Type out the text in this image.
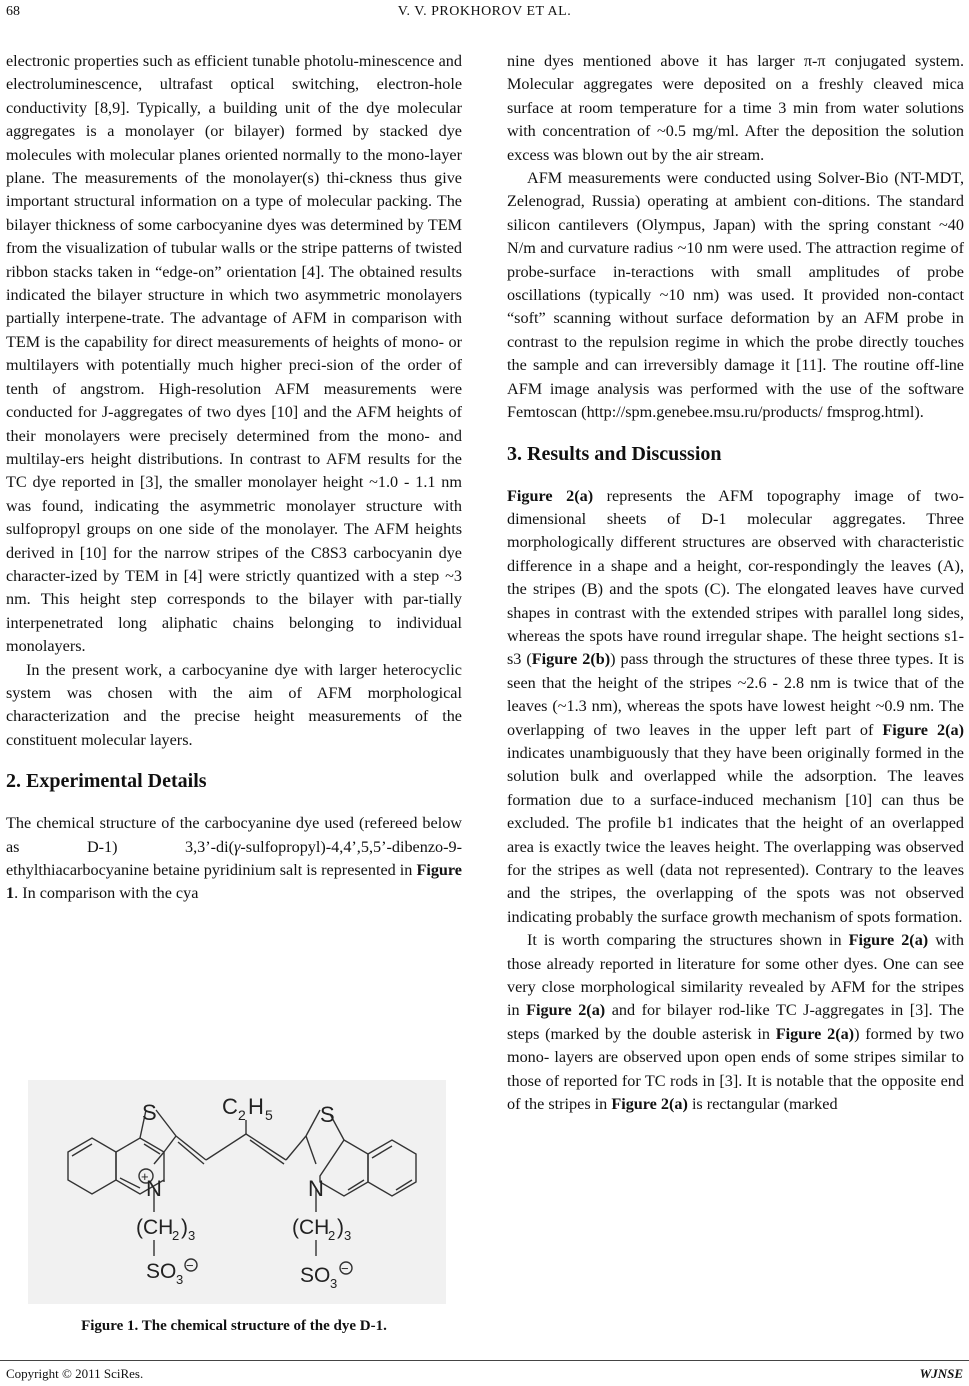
68	V. V. PROKHOROV ET AL.

electronic properties such as efficient tunable photolu-minescence and electroluminescence, ultrafast optical switching, electron-hole conductivity [8,9]. Typically, a building unit of the dye molecular aggregates is a monolayer (or bilayer) formed by stacked dye molecules with molecular planes oriented normally to the mono-layer plane. The measurements of the monolayer(s) thi-ckness thus give important structural information on a type of molecular packing. The bilayer thickness of some carbocyanine dyes was determined by TEM from the visualization of tubular walls or the stripe patterns of twisted ribbon stacks taken in “edge-on” orientation [4]. The obtained results indicated the bilayer structure in which two asymmetric monolayers partially interpene-trate. The advantage of AFM in comparison with TEM is the capability for direct measurements of heights of mono- or multilayers with potentially much higher preci-sion of the order of tenth of angstrom. High-resolution AFM measurements were conducted for J-aggregates of two dyes [10] and the AFM heights of their monolayers were precisely determined from the mono- and multilay-ers height distributions. In contrast to AFM results for the TC dye reported in [3], the smaller monolayer height ~1.0 - 1.1 nm was found, indicating the asymmetric monolayer structure with sulfopropyl groups on one side of the monolayer. The AFM heights derived in [10] for the narrow stripes of the C8S3 carbocyanin dye character-ized by TEM in [4] were strictly quantized with a step ~3 nm. This height step corresponds to the bilayer with par-tially interpenetrated long aliphatic chains belonging to individual monolayers.

In the present work, a carbocyanine dye with larger heterocyclic system was chosen with the aim of AFM morphological characterization and the precise height measurements of the constituent molecular layers.

2. Experimental Details

The chemical structure of the carbocyanine dye used (refereed below as D-1) 3,3’-di(γ-sulfopropyl)-4,4’,5,5’-dibenzo-9-ethylthiacarbocyanine betaine pyridinium salt is represented in Figure 1. In comparison with the cya

S	S
N	N
+
−	−
C 2 H 5
(CH
2 ) 3	(CH
2 ) 3
SO 3	SO 3
Figure 1. The chemical structure of the dye D-1.

nine dyes mentioned above it has larger π-π conjugated system. Molecular aggregates were deposited on a freshly cleaved mica surface at room temperature for a time 3 min from water solutions with concentration of ~0.5 mg/ml. After the deposition the solution excess was blown out by the air stream.

AFM measurements were conducted using Solver-Bio (NT-MDT, Zelenograd, Russia) operating at ambient con-ditions. The standard silicon cantilevers (Olympus, Japan) with the spring constant ~40 N/m and curvature radius ~10 nm were used. The attraction regime of probe-surface in-teractions with small amplitudes of probe oscillations (typically ~10 nm) was used. It provided non-contact “soft” scanning without surface deformation by an AFM probe in contrast to the repulsion regime in which the probe directly touches the sample and can irreversibly damage it [11]. The routine off-line AFM image analysis was performed with the use of the software Femtoscan (http://spm.genebee.msu.ru/products/ fmsprog.html).

3. Results and Discussion

Figure 2(a) represents the AFM topography image of two- dimensional sheets of D-1 molecular aggregates. Three morphologically different structures are observed with characteristic difference in a shape and a height, cor-respondingly the leaves (A), the stripes (B) and the spots (C). The elongated leaves have curved shapes in contrast with the extended stripes with parallel long sides, whereas the spots have round irregular shape. The height sections s1-s3 (Figure 2(b)) pass through the structures of these three types. It is seen that the height of the stripes ~2.6 - 2.8 nm is twice that of the leaves (~1.3 nm), whereas the spots have lowest height ~0.9 nm. The overlapping of two leaves in the upper left part of Figure 2(a) indicates unambiguously that they have been originally formed in the solution bulk and overlapped while the adsorption. The leaves formation due to a surface-induced mechanism [10] can thus be excluded. The profile b1 indicates that the height of an overlapped area is exactly twice the leaves height. The overlapping was observed for the stripes as well (data not represented). Contrary to the leaves and the stripes, the overlapping of the spots was not observed indicating probably the surface growth mechanism of spots formation.

It is worth comparing the structures shown in Figure 2(a) with those already reported in literature for some other dyes. One can see very close morphological similarity revealed by AFM for the stripes in Figure 2(a) and for bilayer rod-like TC J-aggregates in [3]. The steps (marked by the double asterisk in Figure 2(a)) formed by two mono- layers are observed upon open ends of some stripes similar to those of reported for TC rods in [3]. It is notable that the opposite end of the stripes in Figure 2(a) is rectangular (marked

Copyright © 2011 SciRes.	WJNSE
